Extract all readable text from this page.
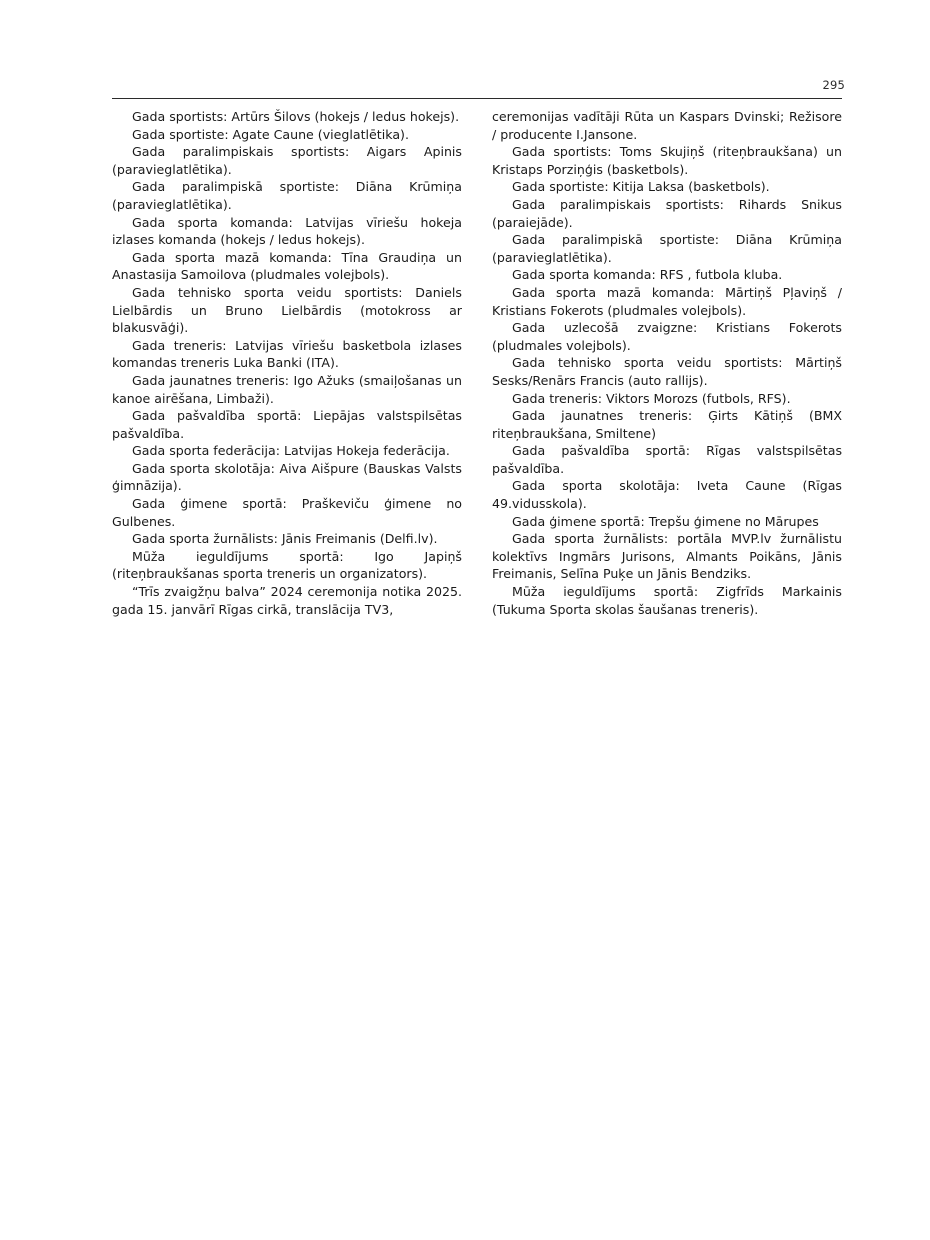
295

Gada sportists: Artūrs Šilovs (hokejs / ledus hokejs).

Gada sportiste: Agate Caune (vieglatlētika).

Gada paralimpiskais sportists: Aigars Apinis (paravieglatlētika).

Gada paralimpiskā sportiste: Diāna Krūmiņa (paravieglatlētika).

Gada sporta komanda: Latvijas vīriešu hokeja izlases komanda (hokejs / ledus hokejs).

Gada sporta mazā komanda: Tīna Graudiņa un Anastasija Samoilova (pludmales volejbols).

Gada tehnisko sporta veidu sportists: Daniels Lielbārdis un Bruno Lielbārdis (motokross ar blakusvāģi).

Gada treneris: Latvijas vīriešu basketbola izlases komandas treneris Luka Banki (ITA).

Gada jaunatnes treneris: Igo Ažuks (smaiļošanas un kanoe airēšana, Limbaži).

Gada pašvaldība sportā: Liepājas valstspilsētas pašvaldība.

Gada sporta federācija: Latvijas Hokeja federācija.

Gada sporta skolotāja: Aiva Aišpure (Bauskas Valsts ģimnāzija).

Gada ģimene sportā: Praškeviču ģimene no Gulbenes.

Gada sporta žurnālists: Jānis Freimanis (Delfi.lv).

Mūža ieguldījums sportā: Igo Japiņš (riteņbraukšanas sporta treneris un organizators).

“Trīs zvaigžņu balva” 2024 ceremonija notika 2025. gada 15. janvārī Rīgas cirkā, translācija TV3,

ceremonijas vadītāji Rūta un Kaspars Dvinski; Režisore / producente I.Jansone.

Gada sportists: Toms Skujiņš (riteņbraukšana) un Kristaps Porziņģis (basketbols).

Gada sportiste: Kitija Laksa (basketbols).

Gada paralimpiskais sportists: Rihards Snikus (paraiejāde).

Gada paralimpiskā sportiste: Diāna Krūmiņa (paravieglatlētika).

Gada sporta komanda: RFS , futbola kluba.

Gada sporta mazā komanda: Mārtiņš Pļaviņš / Kristians Fokerots (pludmales volejbols).

Gada uzlecošā zvaigzne: Kristians Fokerots (pludmales volejbols).

Gada tehnisko sporta veidu sportists: Mārtiņš Sesks/Renārs Francis (auto rallijs).

Gada treneris: Viktors Morozs (futbols, RFS).

Gada jaunatnes treneris: Ģirts Kātiņš (BMX riteņbraukšana, Smiltene)

Gada pašvaldība sportā: Rīgas valstspilsētas pašvaldība.

Gada sporta skolotāja: Iveta Caune (Rīgas 49.vidusskola).

Gada ģimene sportā: Trepšu ģimene no Mārupes

Gada sporta žurnālists: portāla MVP.lv žurnālistu kolektīvs Ingmārs Jurisons, Almants Poikāns, Jānis Freimanis, Selīna Puķe un Jānis Bendziks.

Mūža ieguldījums sportā: Zigfrīds Markainis (Tukuma Sporta skolas šaušanas treneris).
